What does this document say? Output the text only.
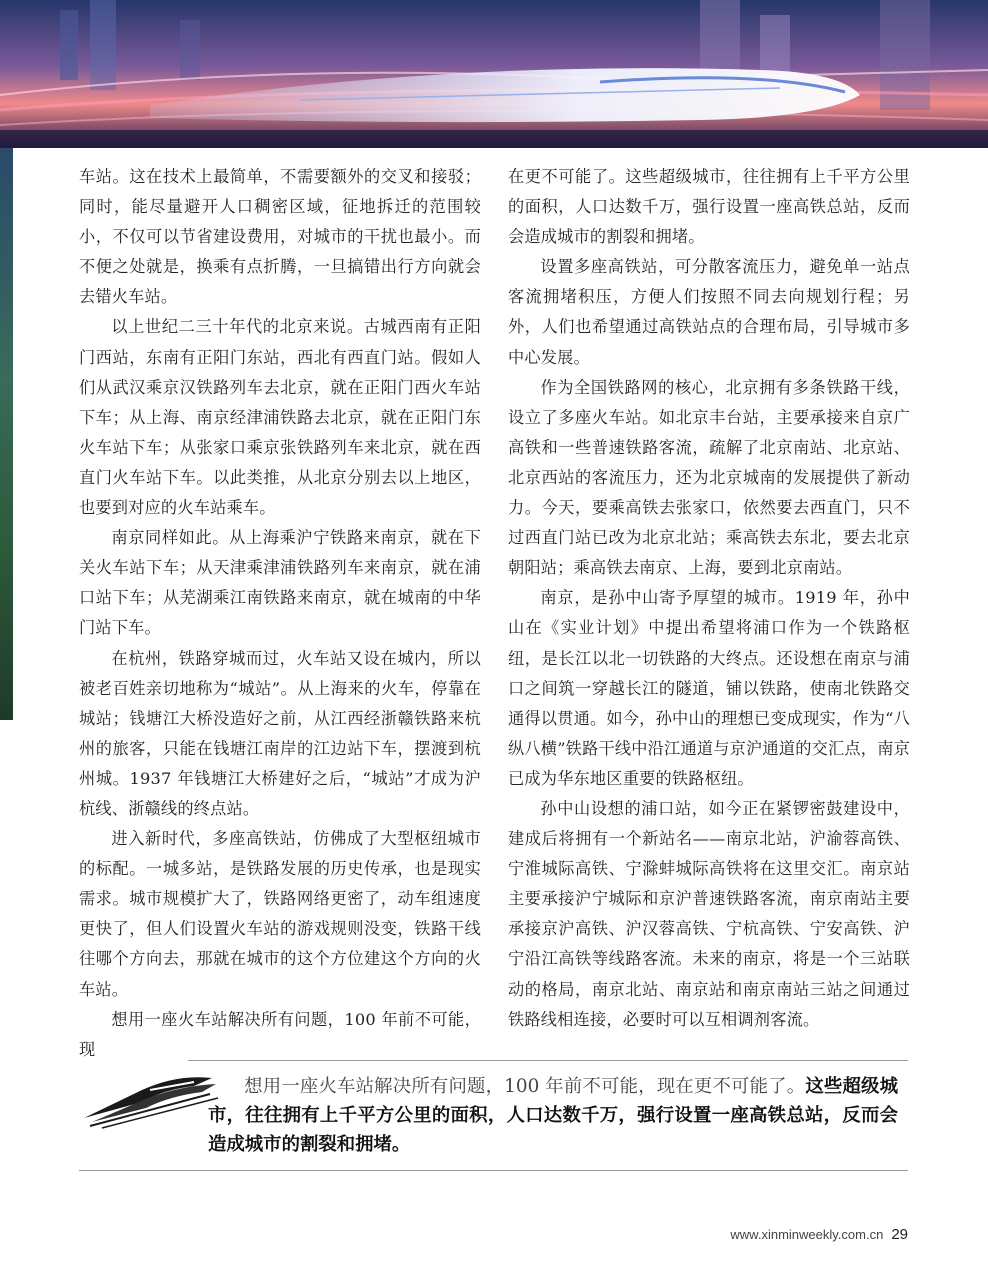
车站。这在技术上最简单，不需要额外的交叉和接驳；同时，能尽量避开人口稠密区域，征地拆迁的范围较小，不仅可以节省建设费用，对城市的干扰也最小。而不便之处就是，换乘有点折腾，一旦搞错出行方向就会去错火车站。

以上世纪二三十年代的北京来说。古城西南有正阳门西站，东南有正阳门东站，西北有西直门站。假如人们从武汉乘京汉铁路列车去北京，就在正阳门西火车站下车；从上海、南京经津浦铁路去北京，就在正阳门东火车站下车；从张家口乘京张铁路列车来北京，就在西直门火车站下车。以此类推，从北京分别去以上地区，也要到对应的火车站乘车。

南京同样如此。从上海乘沪宁铁路来南京，就在下关火车站下车；从天津乘津浦铁路列车来南京，就在浦口站下车；从芜湖乘江南铁路来南京，就在城南的中华门站下车。

在杭州，铁路穿城而过，火车站又设在城内，所以被老百姓亲切地称为“城站”。从上海来的火车，停靠在城站；钱塘江大桥没造好之前，从江西经浙赣铁路来杭州的旅客，只能在钱塘江南岸的江边站下车，摆渡到杭州城。1937 年钱塘江大桥建好之后，“城站”才成为沪杭线、浙赣线的终点站。

进入新时代，多座高铁站，仿佛成了大型枢纽城市的标配。一城多站，是铁路发展的历史传承，也是现实需求。城市规模扩大了，铁路网络更密了，动车组速度更快了，但人们设置火车站的游戏规则没变，铁路干线往哪个方向去，那就在城市的这个方位建这个方向的火车站。

想用一座火车站解决所有问题，100 年前不可能，现

在更不可能了。这些超级城市，往往拥有上千平方公里的面积，人口达数千万，强行设置一座高铁总站，反而会造成城市的割裂和拥堵。

设置多座高铁站，可分散客流压力，避免单一站点客流拥堵积压，方便人们按照不同去向规划行程；另外，人们也希望通过高铁站点的合理布局，引导城市多中心发展。

作为全国铁路网的核心，北京拥有多条铁路干线，设立了多座火车站。如北京丰台站，主要承接来自京广高铁和一些普速铁路客流，疏解了北京南站、北京站、北京西站的客流压力，还为北京城南的发展提供了新动力。今天，要乘高铁去张家口，依然要去西直门，只不过西直门站已改为北京北站；乘高铁去东北，要去北京朝阳站；乘高铁去南京、上海，要到北京南站。

南京，是孙中山寄予厚望的城市。1919 年，孙中山在《实业计划》中提出希望将浦口作为一个铁路枢纽，是长江以北一切铁路的大终点。还设想在南京与浦口之间筑一穿越长江的隧道，铺以铁路，使南北铁路交通得以贯通。如今，孙中山的理想已变成现实，作为“八纵八横”铁路干线中沿江通道与京沪通道的交汇点，南京已成为华东地区重要的铁路枢纽。

孙中山设想的浦口站，如今正在紧锣密鼓建设中，建成后将拥有一个新站名——南京北站，沪渝蓉高铁、宁淮城际高铁、宁滁蚌城际高铁将在这里交汇。南京站主要承接沪宁城际和京沪普速铁路客流，南京南站主要承接京沪高铁、沪汉蓉高铁、宁杭高铁、宁安高铁、沪宁沿江高铁等线路客流。未来的南京，将是一个三站联动的格局，南京北站、南京站和南京南站三站之间通过铁路线相连接，必要时可以互相调剂客流。

想用一座火车站解决所有问题，100 年前不可能，现在更不可能了。这些超级城市，往往拥有上千平方公里的面积，人口达数千万，强行设置一座高铁总站，反而会造成城市的割裂和拥堵。
www.xinminweekly.com.cn 29
